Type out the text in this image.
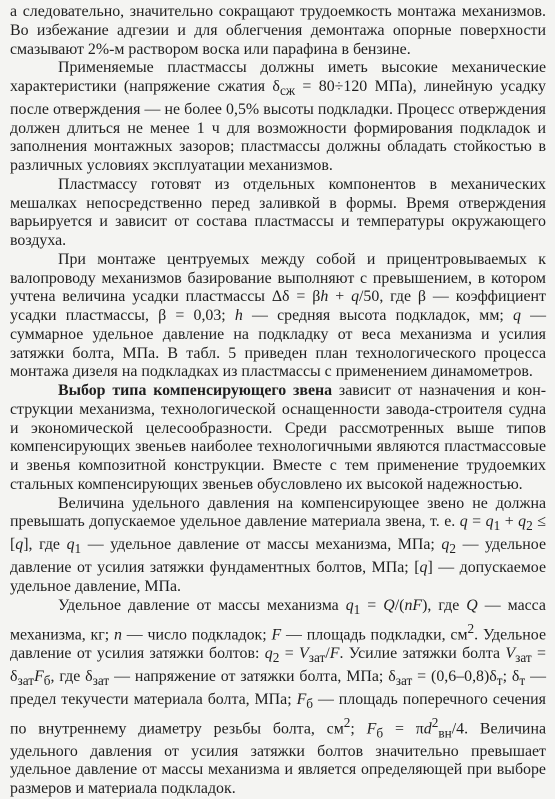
а следовательно, значительно сокращают трудоемкость монтажа механизмов. Во избежание адгезии и для облегчения демонтажа опорные поверхности смазывают 2%-м раствором воска или парафина в бензине.

Применяемые пластмассы должны иметь высокие механические характеристики (напряжение сжатия $\delta_{сж} = 80\div 120$ МПа), линейную усадку после отверждения — не более 0,5% высоты подкладки. Процесс отверждения должен длиться не менее 1 ч для возможности формирования подкладок и заполнения монтажных зазоров; пластмассы должны обладать стойкостью в различных условиях эксплуатации механизмов.

Пластмассу готовят из отдельных компонентов в механических мешалках непосредственно перед заливкой в формы. Время отверждения варьируется и зависит от состава пластмассы и температуры окружающего воздуха.

При монтаже центруемых между собой и прицентровываемых к валопроводу механизмов базирование выполняют с превышением, в котором учтена величина усадки пластмассы Δδ = βh + q/50, где β — коэффициент усадки пластмассы, β = 0,03; h — средняя высота подкладок, мм; q — суммарное удельное давление на подкладку от веса механизма и усилия затяжки болта, МПа. В табл. 5 приведен план технологического процесса монтажа дизеля на подкладках из пластмассы с применением динамометров.

Выбор типа компенсирующего звена зависит от назначения и конструкции механизма, технологической оснащенности завода-строителя судна и экономической целесообразности. Среди рассмотренных выше типов компенсирующих звеньев наиболее технологичными являются пластмассовые и звенья композитной конструкции. Вместе с тем применение трудоемких стальных компенсирующих звеньев обусловлено их высокой надежностью.

Величина удельного давления на компенсирующее звено не должна превышать допускаемое удельное давление материала звена, т. е. $q = q_1 + q_2 \le [q]$, где $q_1$ — удельное давление от массы механизма, МПа; $q_2$ — удельное давление от усилия затяжки фундаментных болтов, МПа; [q] — допускаемое удельное давление, МПа.

Удельное давление от массы механизма $q_1 = Q/(nF)$, где Q — масса механизма, кг; n — число подкладок; F — площадь подкладки, $см^2$. Удельное давление от усилия затяжки болтов: $q_2 = V_{зат}/F$. Усилие затяжки болта $V_{зат} = \delta_{зат}F_б$, где $\delta_{зат}$ — напряжение от затяжки болта, МПа; $\delta_{зат} = (0,6-0,8)\delta_т$; $\delta_т$ — предел текучести материала болта, МПа; $F_б$ — площадь поперечного сечения по внутреннему диаметру резьбы болта, $см^2$; $F_б = \pi d^2_{вн}/4$. Величина удельного давления от усилия затяжки болтов значительно превышает удельное давление от массы механизма и является определяющей при выборе размеров и материала подкладок.
